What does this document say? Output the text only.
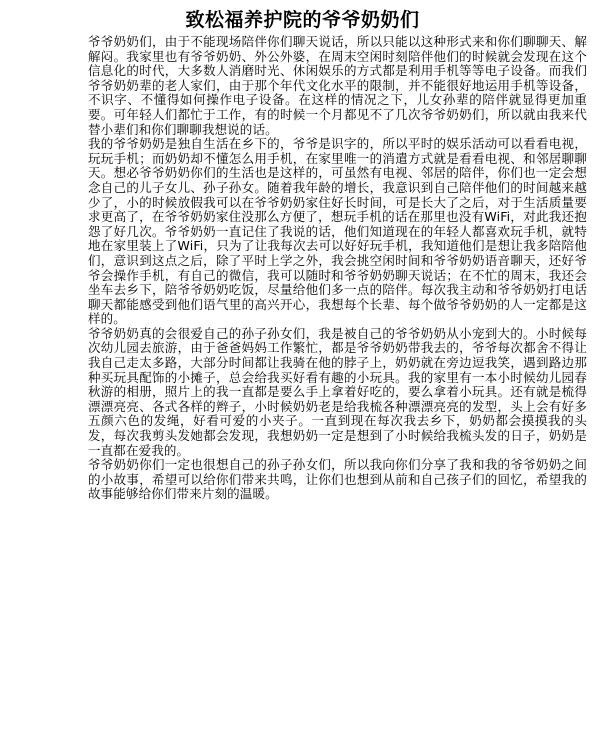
致松福养护院的爷爷奶奶们

爷爷奶奶们，由于不能现场陪伴你们聊天说话，所以只能以这种形式来和你们聊聊天、解解闷。我家里也有爷爷奶奶、外公外婆，在周末空闲时刻陪伴他们的时候就会发现在这个信息化的时代，大多数人消磨时光、休闲娱乐的方式都是利用手机等等电子设备。而我们爷爷奶奶辈的老人家们，由于那个年代文化水平的限制，并不能很好地运用手机等设备，不识字、不懂得如何操作电子设备。在这样的情况之下，儿女孙辈的陪伴就显得更加重要。可年轻人们都忙于工作，有的时候一个月都见不了几次爷爷奶奶们，所以就由我来代替小辈们和你们聊聊我想说的话。

我的爷爷奶奶是独自生活在乡下的，爷爷是识字的，所以平时的娱乐活动可以看看电视，玩玩手机；而奶奶却不懂怎么用手机，在家里唯一的消遣方式就是看看电视、和邻居聊聊天。想必爷爷奶奶你们的生活也是这样的，可虽然有电视、邻居的陪伴，你们也一定会想念自己的儿子女儿、孙子孙女。随着我年龄的增长，我意识到自己陪伴他们的时间越来越少了，小的时候放假我可以在爷爷奶奶家住好长时间，可是长大了之后，对于生活质量要求更高了，在爷爷奶奶家住没那么方便了，想玩手机的话在那里也没有WiFi，对此我还抱怨了好几次。爷爷奶奶一直记住了我说的话，他们知道现在的年轻人都喜欢玩手机，就特地在家里装上了WiFi，只为了让我每次去可以好好玩手机，我知道他们是想让我多陪陪他们，意识到这点之后，除了平时上学之外，我会挑空闲时间和爷爷奶奶语音聊天，还好爷爷会操作手机，有自己的微信，我可以随时和爷爷奶奶聊天说话；在不忙的周末，我还会坐车去乡下，陪爷爷奶奶吃饭，尽量给他们多一点的陪伴。每次我主动和爷爷奶奶打电话聊天都能感受到他们语气里的高兴开心，我想每个长辈、每个做爷爷奶奶的人一定都是这样的。

爷爷奶奶真的会很爱自己的孙子孙女们，我是被自己的爷爷奶奶从小宠到大的。小时候每次幼儿园去旅游，由于爸爸妈妈工作繁忙，都是爷爷奶奶带我去的，爷爷每次都舍不得让我自己走太多路，大部分时间都让我骑在他的脖子上，奶奶就在旁边逗我笑，遇到路边那种买玩具配饰的小摊子，总会给我买好看有趣的小玩具。我的家里有一本小时候幼儿园春秋游的相册，照片上的我一直都是要么手上拿着好吃的，要么拿着小玩具。还有就是梳得漂漂亮亮、各式各样的辫子，小时候奶奶老是给我梳各种漂漂亮亮的发型，头上会有好多五颜六色的发绳，好看可爱的小夹子。一直到现在每次我去乡下，奶奶都会摸摸我的头发，每次我剪头发她都会发现，我想奶奶一定是想到了小时候给我梳头发的日子，奶奶是一直都在爱我的。

爷爷奶奶你们一定也很想自己的孙子孙女们，所以我向你们分享了我和我的爷爷奶奶之间的小故事，希望可以给你们带来共鸣，让你们也想到从前和自己孩子们的回忆，希望我的故事能够给你们带来片刻的温暖。
